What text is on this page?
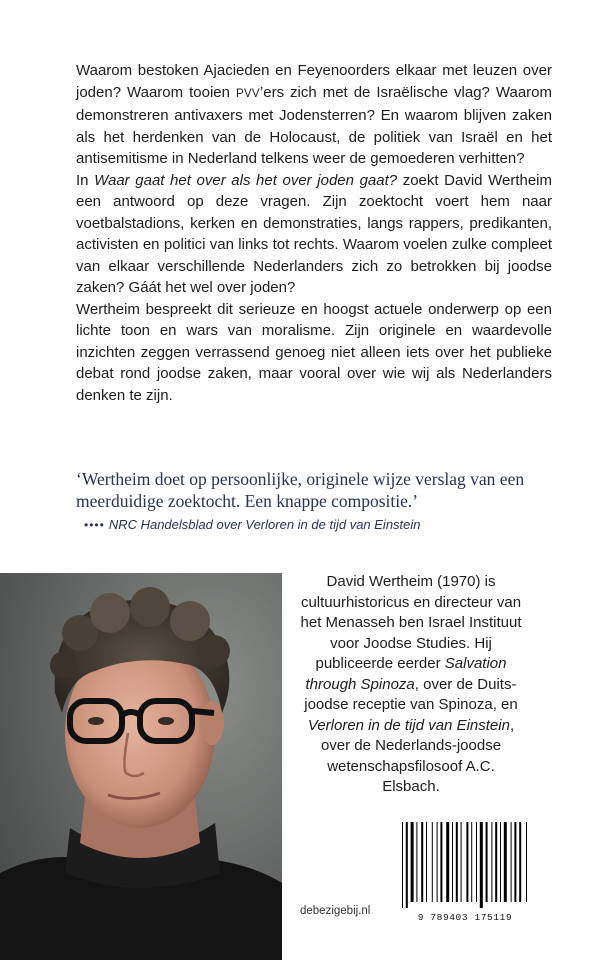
Waarom bestoken Ajacieden en Feyenoorders elkaar met leuzen over joden? Waarom tooien PVV’ers zich met de Israëlische vlag? Waarom demonstreren antivaxers met Jodensterren? En waarom blijven zaken als het herdenken van de Holocaust, de politiek van Israël en het antisemitisme in Nederland telkens weer de gemoederen verhitten?

In Waar gaat het over als het over joden gaat? zoekt David Wertheim een antwoord op deze vragen. Zijn zoektocht voert hem naar voetbalstadions, kerken en demonstraties, langs rappers, predikanten, activisten en politici van links tot rechts. Waarom voelen zulke compleet van elkaar verschillende Nederlanders zich zo betrokken bij joodse zaken? Gáát het wel over joden?

Wertheim bespreekt dit serieuze en hoogst actuele onderwerp op een lichte toon en wars van moralisme. Zijn originele en waardevolle inzichten zeggen verrassend genoeg niet alleen iets over het publieke debat rond joodse zaken, maar vooral over wie wij als Nederlanders denken te zijn.

‘Wertheim doet op persoonlijke, originele wijze verslag van een meerduidige zoektocht. Een knappe compositie.’
•••• NRC Handelsblad over Verloren in de tijd van Einstein
David Wertheim (1970) is cultuurhistoricus en directeur van het Menasseh ben Israel Instituut voor Joodse Studies. Hij publiceerde eerder Salvation through Spinoza, over de Duits-joodse receptie van Spinoza, en Verloren in de tijd van Einstein, over de Nederlands-joodse wetenschapsfilosoof A.C. Elsbach.
debezigebij.nl
9 789403 175119
